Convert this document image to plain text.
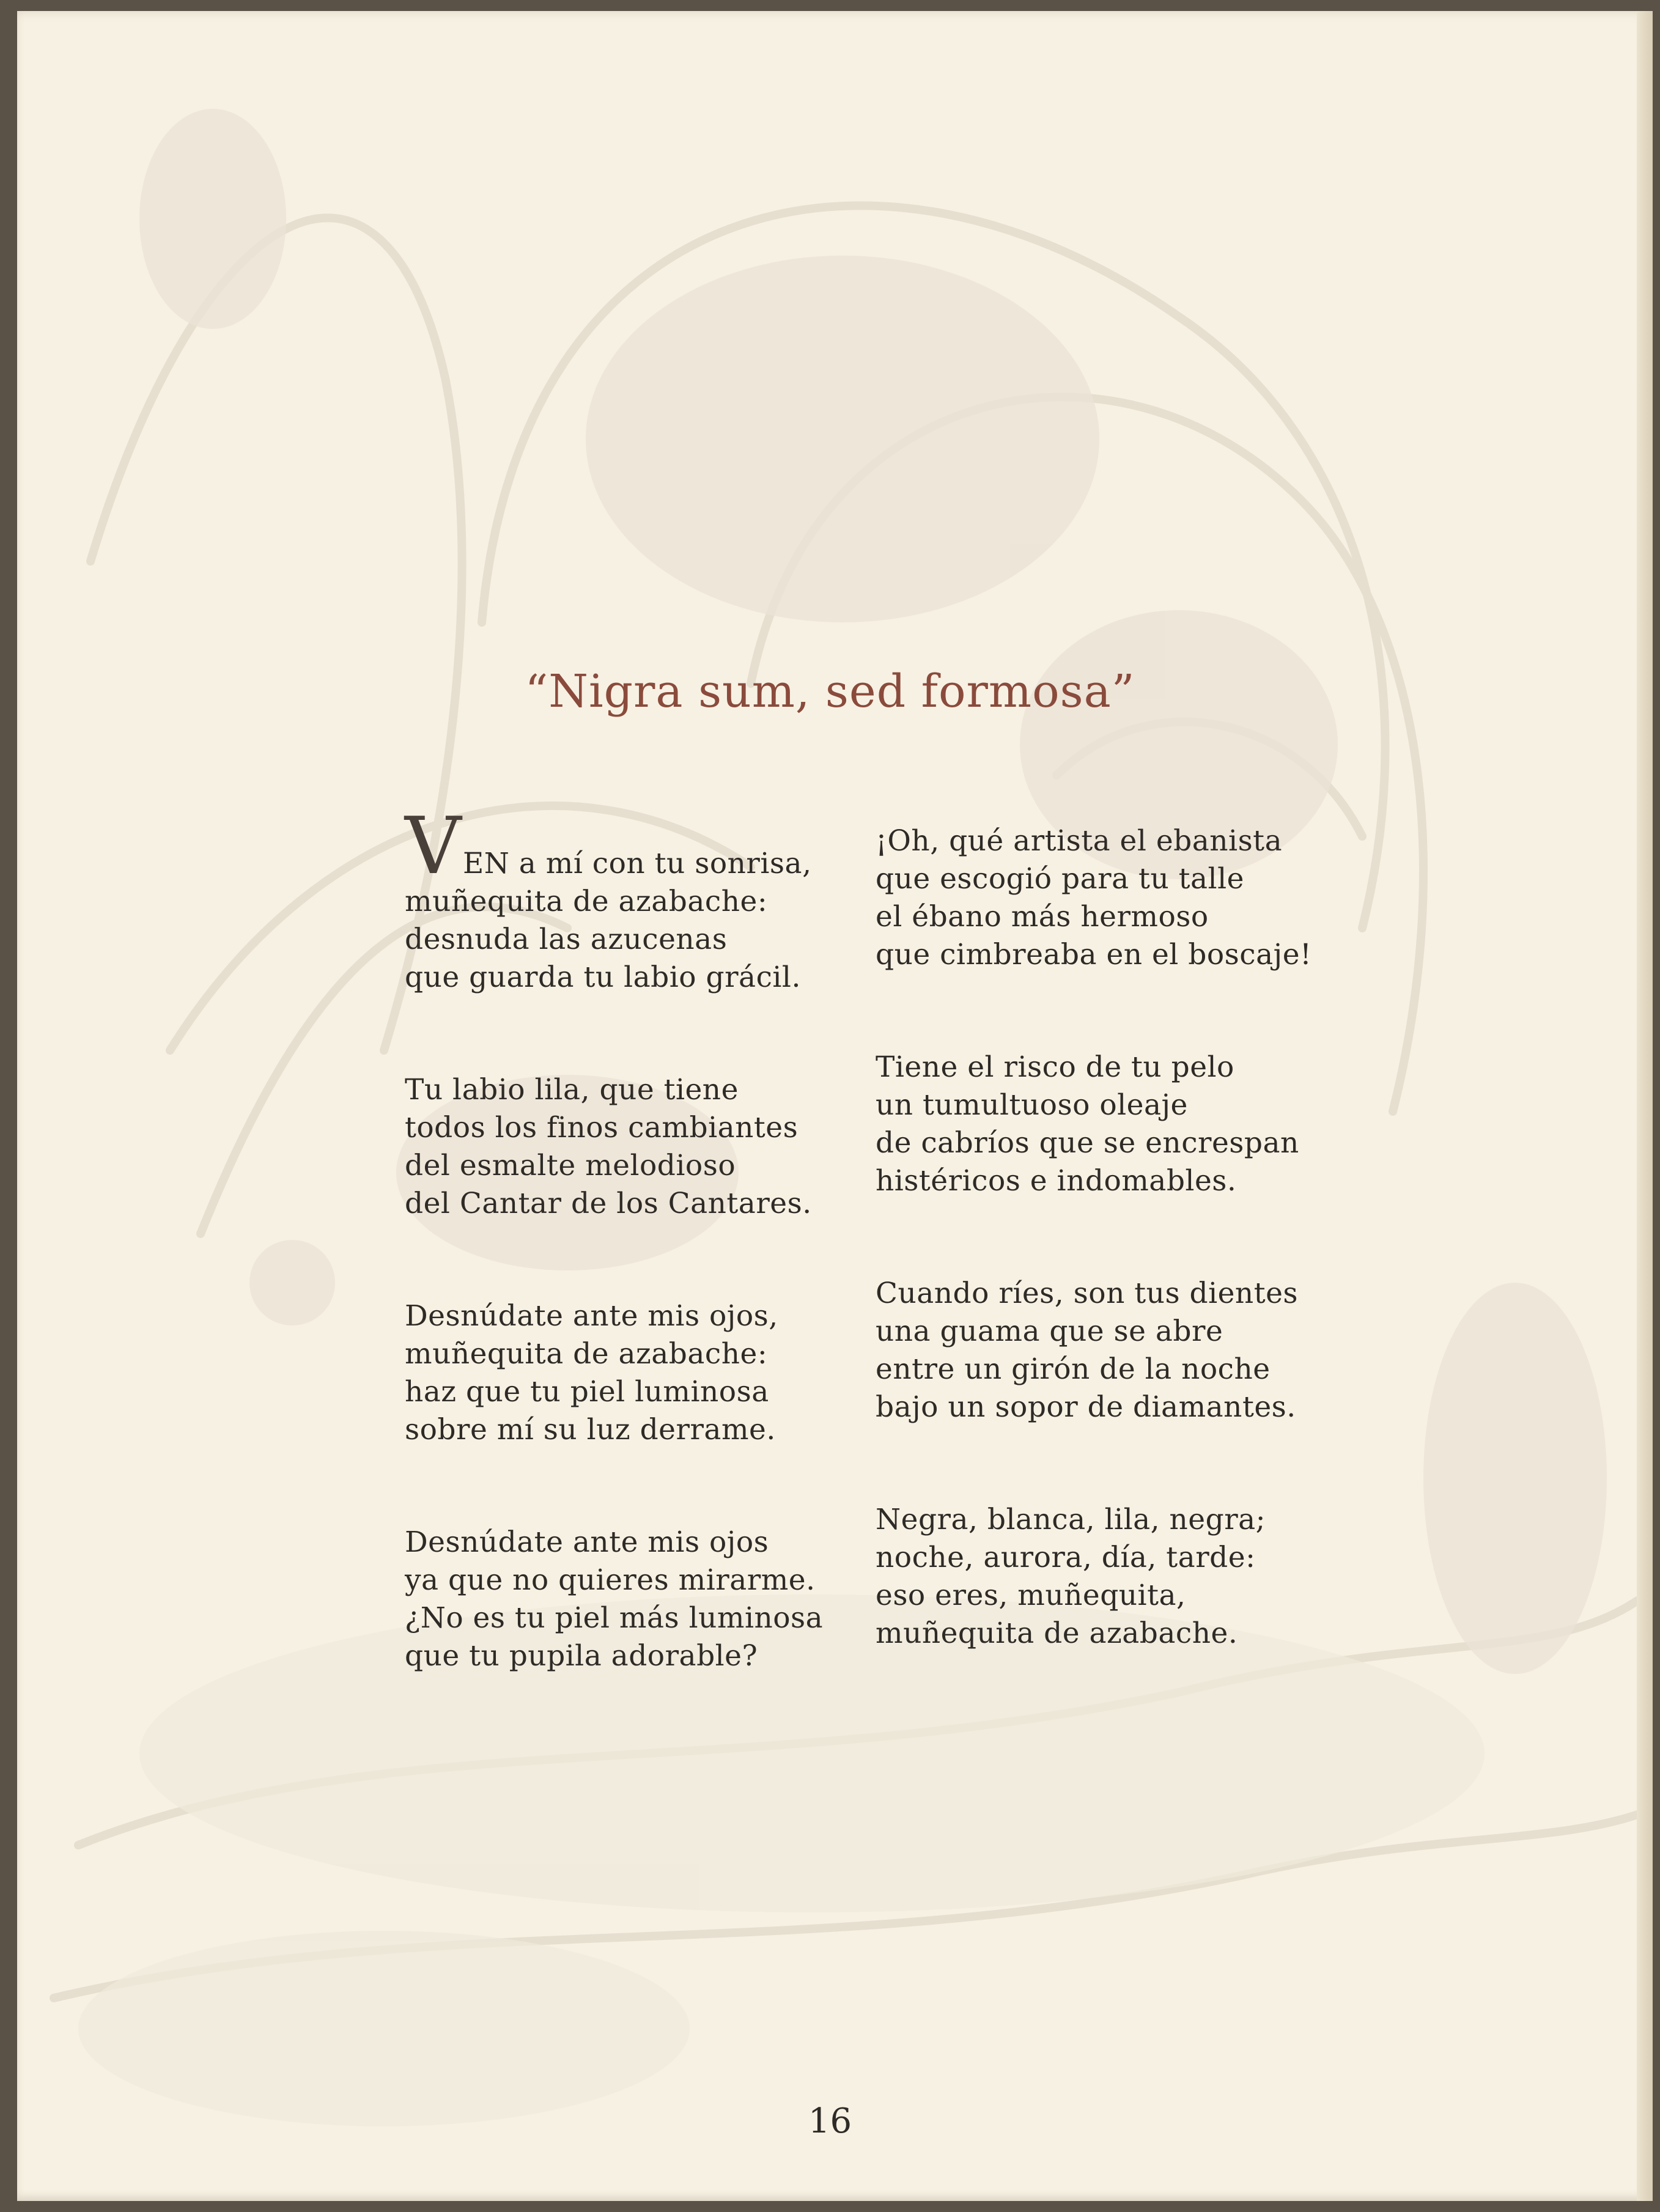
“Nigra sum, sed formosa”
VEN a mí con tu sonrisa,
muñequita de azabache:
desnuda las azucenas
que guarda tu labio grácil.
Tu labio lila, que tiene
todos los finos cambiantes
del esmalte melodioso
del Cantar de los Cantares.
Desnúdate ante mis ojos,
muñequita de azabache:
haz que tu piel luminosa
sobre mí su luz derrame.
Desnúdate ante mis ojos
ya que no quieres mirarme.
¿No es tu piel más luminosa
que tu pupila adorable?
¡Oh, qué artista el ebanista
que escogió para tu talle
el ébano más hermoso
que cimbreaba en el boscaje!
Tiene el risco de tu pelo
un tumultuoso oleaje
de cabríos que se encrespan
histéricos e indomables.
Cuando ríes, son tus dientes
una guama que se abre
entre un girón de la noche
bajo un sopor de diamantes.
Negra, blanca, lila, negra;
noche, aurora, día, tarde:
eso eres, muñequita,
muñequita de azabache.
16
